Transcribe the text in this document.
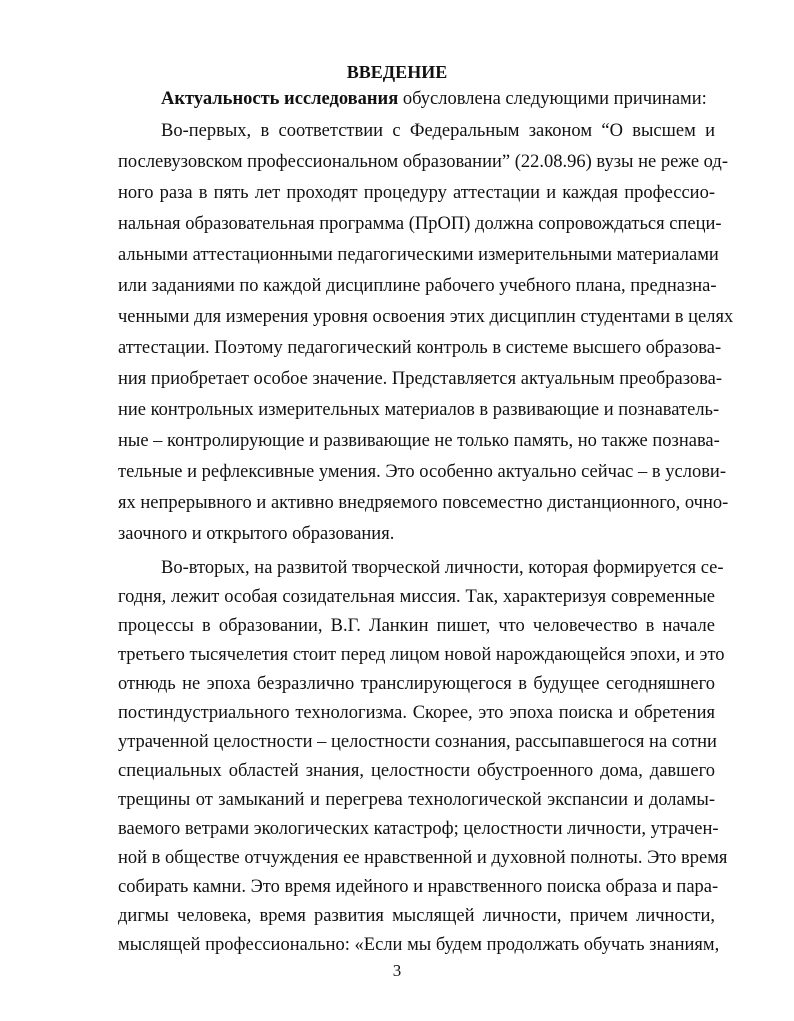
ВВЕДЕНИЕ

Актуальность исследования обусловлена следующими причинами:

Во-первых, в соответствии с Федеральным законом “О высшем и

послевузовском профессиональном образовании” (22.08.96) вузы не реже од-

ного раза в пять лет проходят процедуру аттестации и каждая профессио-

нальная образовательная программа (ПрОП) должна сопровождаться специ-

альными аттестационными педагогическими измерительными материалами

или заданиями по каждой дисциплине рабочего учебного плана, предназна-

ченными для измерения уровня освоения этих дисциплин студентами в целях

аттестации. Поэтому педагогический контроль в системе высшего образова-

ния приобретает особое значение. Представляется актуальным преобразова-

ние контрольных измерительных материалов в развивающие и познаватель-

ные – контролирующие и развивающие не только память, но также познава-

тельные и рефлексивные умения. Это особенно актуально сейчас – в услови-

ях непрерывного и активно внедряемого повсеместно дистанционного, очно-

заочного и открытого образования.

Во-вторых, на развитой творческой личности, которая формируется се-

годня, лежит особая созидательная миссия. Так, характеризуя современные

процессы в образовании, В.Г. Ланкин пишет, что человечество в начале

третьего тысячелетия стоит перед лицом новой нарождающейся эпохи, и это

отнюдь не эпоха безразлично транслирующегося в будущее сегодняшнего

постиндустриального технологизма. Скорее, это эпоха поиска и обретения

утраченной целостности – целостности сознания, рассыпавшегося на сотни

специальных областей знания, целостности обустроенного дома, давшего

трещины от замыканий и перегрева технологической экспансии и доламы-

ваемого ветрами экологических катастроф; целостности личности, утрачен-

ной в обществе отчуждения ее нравственной и духовной полноты. Это время

собирать камни. Это время идейного и нравственного поиска образа и пара-

дигмы человека, время развития мыслящей личности, причем личности,

мыслящей профессионально: «Если мы будем продолжать обучать знаниям,

3
